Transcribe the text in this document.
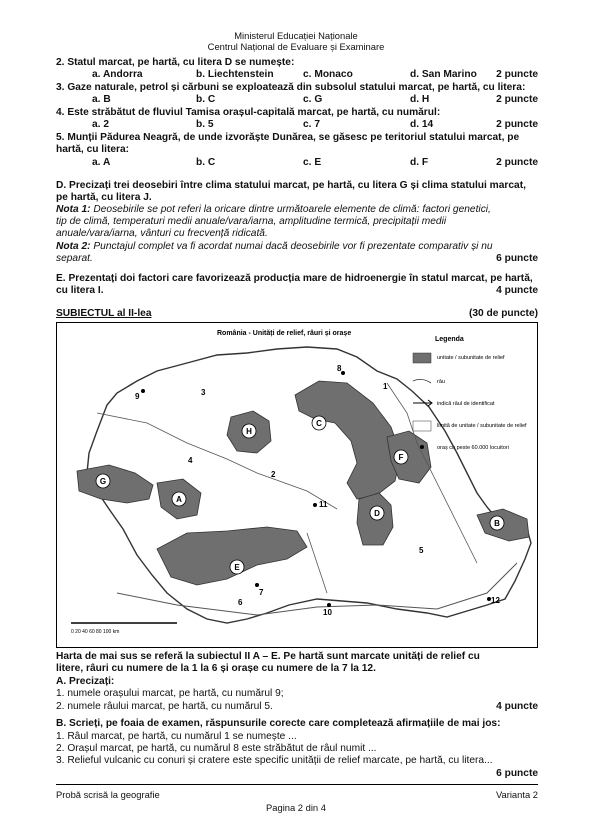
Ministerul Educației Naționale
Centrul Național de Evaluare și Examinare
2. Statul marcat, pe hartă, cu litera D se numește:
a. Andorra	b. Liechtenstein	c. Monaco	d. San Marino 2 puncte
3. Gaze naturale, petrol și cărbuni se exploatează din subsolul statului marcat, pe hartă, cu litera:
a. B	b. C	c. G	d. H	2 puncte
4. Este străbătut de fluviul Tamisa orașul-capitală marcat, pe hartă, cu numărul:
a. 2	b. 5	c. 7	d. 14	2 puncte
5. Munții Pădurea Neagră, de unde izvorăște Dunărea, se găsesc pe teritoriul statului marcat, pe
hartă, cu litera:
a. A	b. C	c. E	d. F	2 puncte
D. Precizați trei deosebiri între clima statului marcat, pe hartă, cu litera G și clima statului marcat,
pe hartă, cu litera J.
Nota 1: Deosebirile se pot referi la oricare dintre următoarele elemente de climă: factori genetici,
tip de climă, temperaturi medii anuale/vara/iarna, amplitudine termică, precipitații medii
anuale/vara/iarna, vânturi cu frecvență ridicată.
Nota 2: Punctajul complet va fi acordat numai dacă deosebirile vor fi prezentate comparativ și nu
separat.	6 puncte
E. Prezentați doi factori care favorizează producția mare de hidroenergie în statul marcat, pe hartă,
cu litera I.	4 puncte
SUBIECTUL al II-lea	(30 de puncte)
România - Unități de relief, râuri și orașe
C
F
H
G
A
D
E
B
1
2
3
4
5
6
7
8
9
10
11
12
Legenda
unitate / subunitate de relief
râu
indică râul de identificat
limită de unitate / subunitate de relief
oraș cu peste 60.000 locuitori
0 20 40 60 80 100 km
Harta de mai sus se referă la subiectul II A – E. Pe hartă sunt marcate unități de relief cu
litere, râuri cu numere de la 1 la 6 și orașe cu numere de la 7 la 12.
A. Precizați:
1. numele orașului marcat, pe hartă, cu numărul 9;
2. numele râului marcat, pe hartă, cu numărul 5.	4 puncte
B. Scrieți, pe foaia de examen, răspunsurile corecte care completează afirmațiile de mai jos:
1. Râul marcat, pe hartă, cu numărul 1 se numește ...
2. Orașul marcat, pe hartă, cu numărul 8 este străbătut de râul numit ...
3. Relieful vulcanic cu conuri și cratere este specific unității de relief marcate, pe hartă, cu litera...
6 puncte
Probă scrisă la geografie	Varianta 2
Pagina 2 din 4
